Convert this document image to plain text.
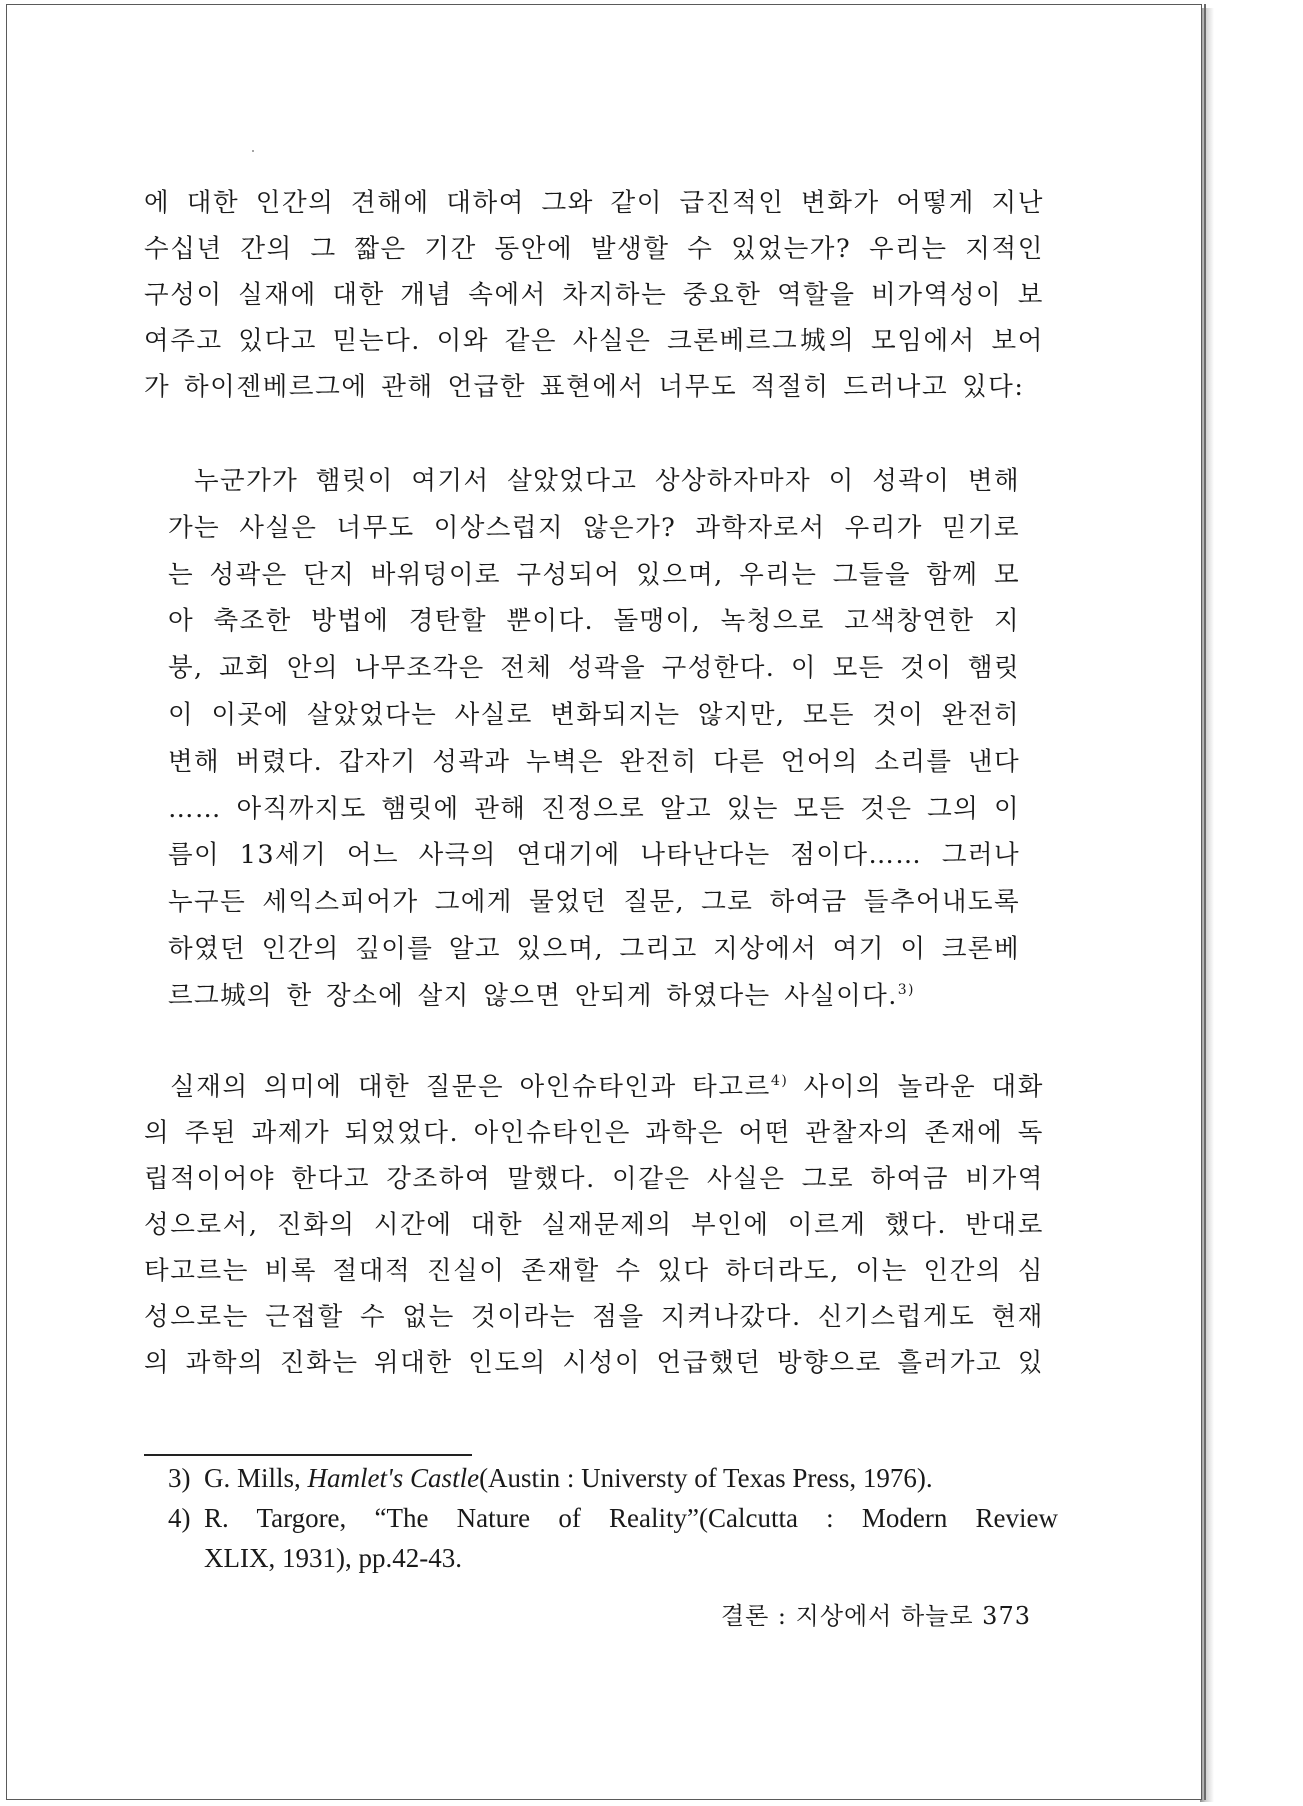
에 대한 인간의 견해에 대하여 그와 같이 급진적인 변화가 어떻게 지난
수십년 간의 그 짧은 기간 동안에 발생할 수 있었는가? 우리는 지적인
구성이 실재에 대한 개념 속에서 차지하는 중요한 역할을 비가역성이 보
여주고 있다고 믿는다. 이와 같은 사실은 크론베르그城의 모임에서 보어
가 하이젠베르그에 관해 언급한 표현에서 너무도 적절히 드러나고 있다:
누군가가 햄릿이 여기서 살았었다고 상상하자마자 이 성곽이 변해
가는 사실은 너무도 이상스럽지 않은가? 과학자로서 우리가 믿기로
는 성곽은 단지 바위덩이로 구성되어 있으며, 우리는 그들을 함께 모
아 축조한 방법에 경탄할 뿐이다. 돌맹이, 녹청으로 고색창연한 지
붕, 교회 안의 나무조각은 전체 성곽을 구성한다. 이 모든 것이 햄릿
이 이곳에 살았었다는 사실로 변화되지는 않지만, 모든 것이 완전히
변해 버렸다. 갑자기 성곽과 누벽은 완전히 다른 언어의 소리를 낸다
…… 아직까지도 햄릿에 관해 진정으로 알고 있는 모든 것은 그의 이
름이 13세기 어느 사극의 연대기에 나타난다는 점이다…… 그러나
누구든 세익스피어가 그에게 물었던 질문, 그로 하여금 들추어내도록
하였던 인간의 깊이를 알고 있으며, 그리고 지상에서 여기 이 크론베
르그城의 한 장소에 살지 않으면 안되게 하였다는 사실이다.$^{3)}$
실재의 의미에 대한 질문은 아인슈타인과 타고르$^{4)}$ 사이의 놀라운 대화
의 주된 과제가 되었었다. 아인슈타인은 과학은 어떤 관찰자의 존재에 독
립적이어야 한다고 강조하여 말했다. 이같은 사실은 그로 하여금 비가역
성으로서, 진화의 시간에 대한 실재문제의 부인에 이르게 했다. 반대로
타고르는 비록 절대적 진실이 존재할 수 있다 하더라도, 이는 인간의 심
성으로는 근접할 수 없는 것이라는 점을 지켜나갔다. 신기스럽게도 현재
의 과학의 진화는 위대한 인도의 시성이 언급했던 방향으로 흘러가고 있
3) G. Mills, Hamlet's Castle(Austin : Universty of Texas Press, 1976).
4) R. Targore, “The Nature of Reality”(Calcutta : Modern Review
XLIX, 1931), pp.42-43.
결론 : 지상에서 하늘로 373
